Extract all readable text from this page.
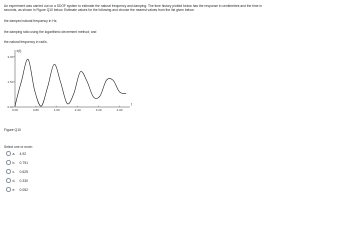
An experiment was carried out on a SDOF system to estimate the natural frequency and damping. The time history plotted below has the response in centimetres and the time in
seconds, as shown in Figure Q10 below. Estimate values for the following and choose the nearest values from the list given below:
the damped natural frequency in Hz;
the damping ratio using the logarithmic decrement method; and
the natural frequency in rad/s.
x(t)
t
0.00
1.50
3.00
0.00	0.80	1.60	2.40	3.20	4.00
Figure Q10
Select one or more:
a.	4.92
b.	0.791
c.	0.625
d.	0.330
e.	0.052
